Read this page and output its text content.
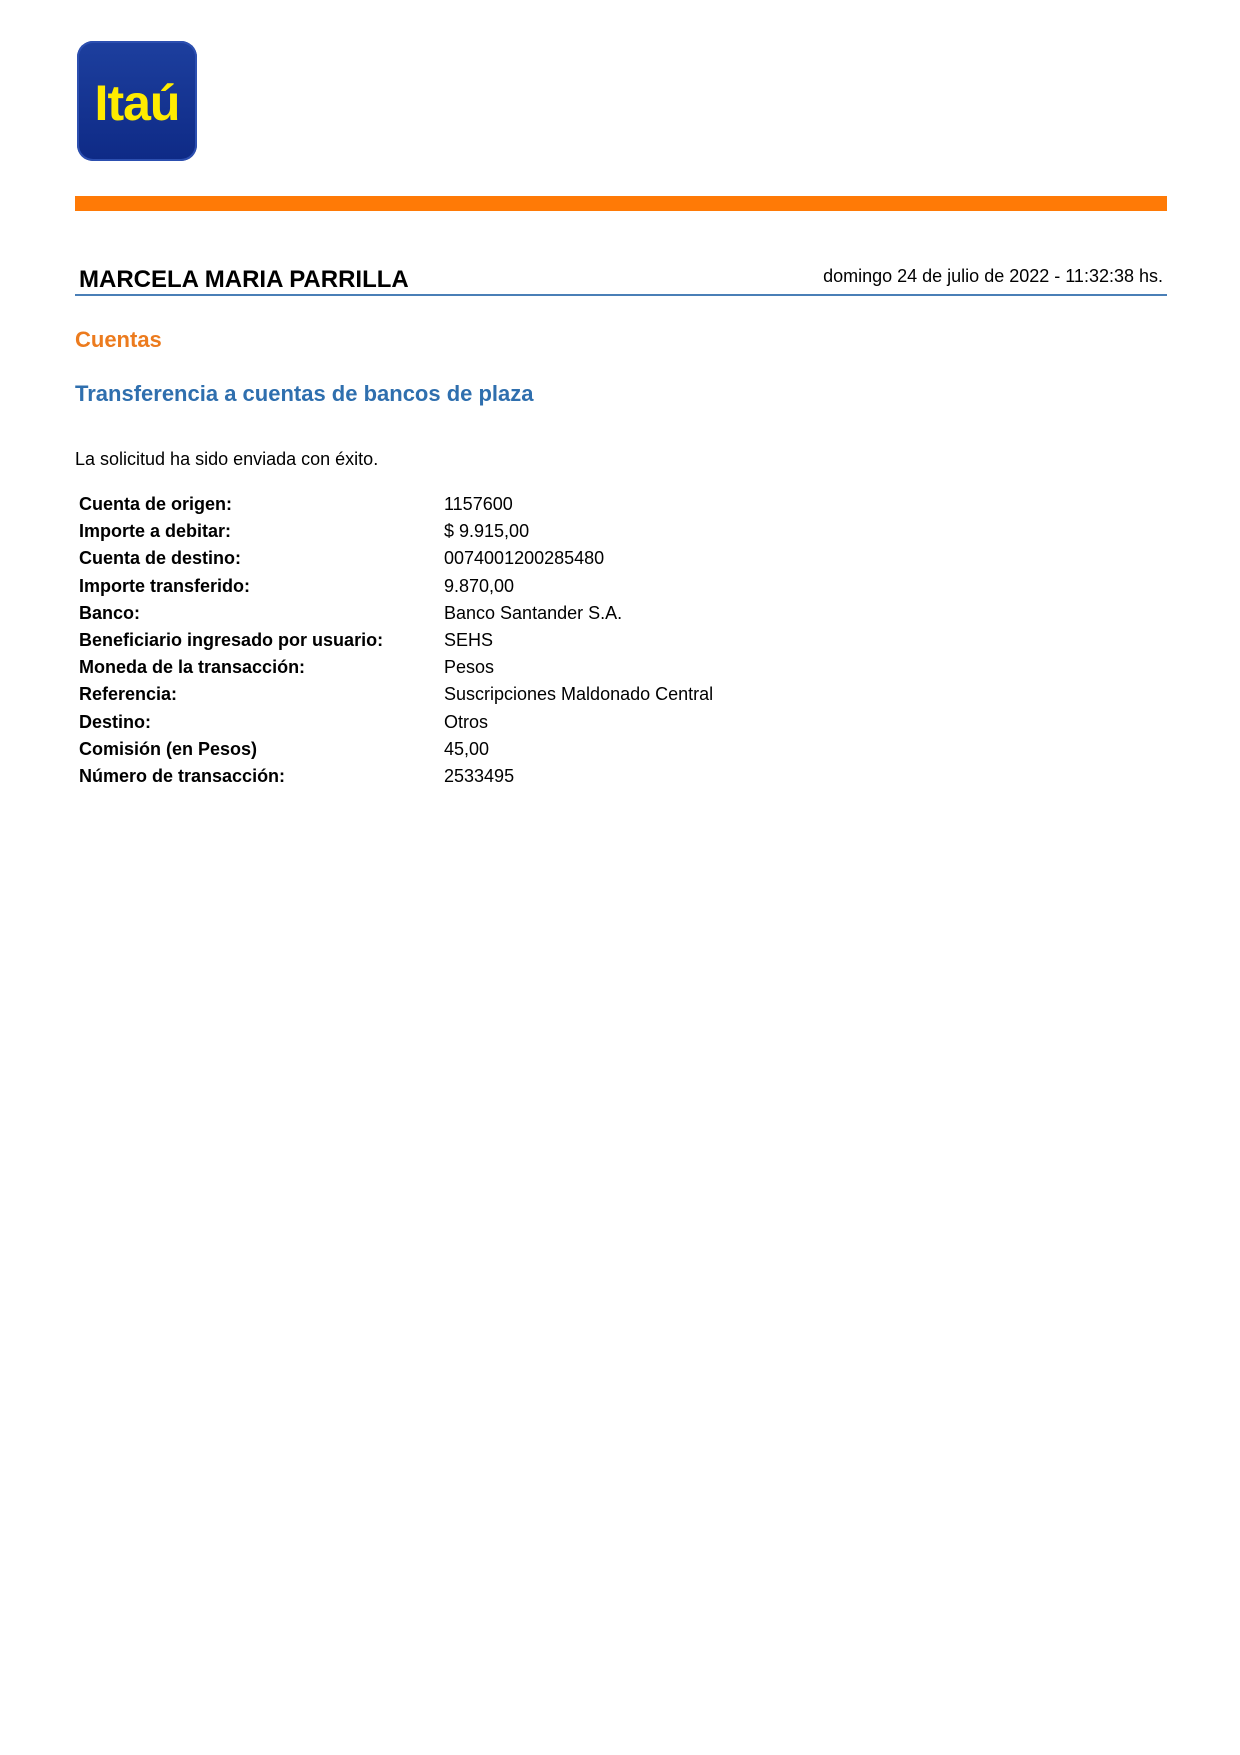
Itaú
MARCELA MARIA PARRILLA	domingo 24 de julio de 2022 - 11:32:38 hs.
Cuentas
Transferencia a cuentas de bancos de plaza
La solicitud ha sido enviada con éxito.
Cuenta de origen:	1157600
Importe a debitar:	$ 9.915,00
Cuenta de destino:	0074001200285480
Importe transferido:	9.870,00
Banco:	Banco Santander S.A.
Beneficiario ingresado por usuario:	SEHS
Moneda de la transacción:	Pesos
Referencia:	Suscripciones Maldonado Central
Destino:	Otros
Comisión (en Pesos)	45,00
Número de transacción:	2533495
